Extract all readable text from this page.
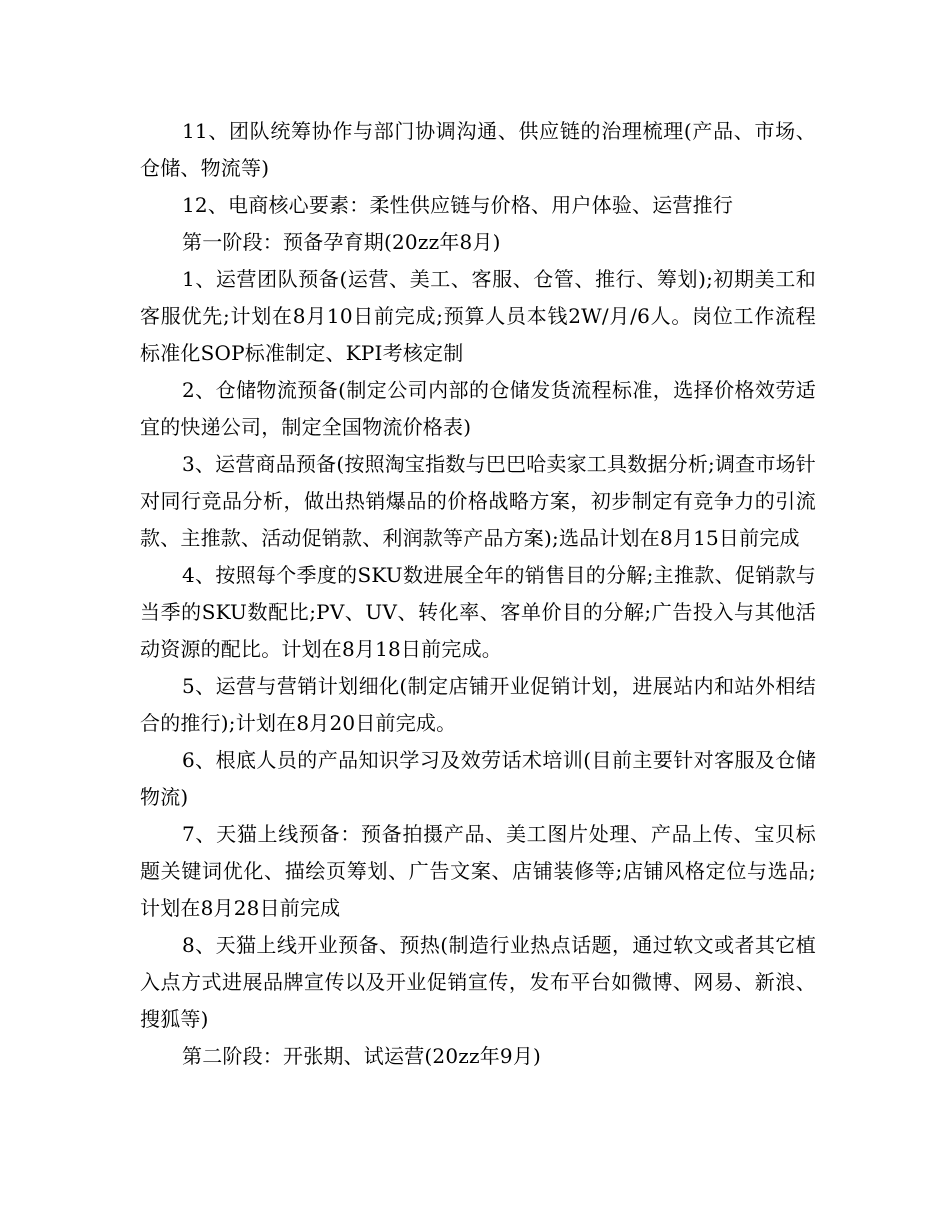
11、团队统筹协作与部门协调沟通、供应链的治理梳理(产品、市场、仓储、物流等)

12、电商核心要素：柔性供应链与价格、用户体验、运营推行

第一阶段：预备孕育期(20zz年8月)

1、运营团队预备(运营、美工、客服、仓管、推行、筹划);初期美工和客服优先;计划在8月10日前完成;预算人员本钱2W/月/6人。岗位工作流程标准化SOP标准制定、KPI考核定制

2、仓储物流预备(制定公司内部的仓储发货流程标准，选择价格效劳适宜的快递公司，制定全国物流价格表)

3、运营商品预备(按照淘宝指数与巴巴哈卖家工具数据分析;调查市场针对同行竞品分析，做出热销爆品的价格战略方案，初步制定有竞争力的引流款、主推款、活动促销款、利润款等产品方案);选品计划在8月15日前完成

4、按照每个季度的SKU数进展全年的销售目的分解;主推款、促销款与当季的SKU数配比;PV、UV、转化率、客单价目的分解;广告投入与其他活动资源的配比。计划在8月18日前完成。

5、运营与营销计划细化(制定店铺开业促销计划，进展站内和站外相结合的推行);计划在8月20日前完成。

6、根底人员的产品知识学习及效劳话术培训(目前主要针对客服及仓储物流)

7、天猫上线预备：预备拍摄产品、美工图片处理、产品上传、宝贝标题关键词优化、描绘页筹划、广告文案、店铺装修等;店铺风格定位与选品;计划在8月28日前完成

8、天猫上线开业预备、预热(制造行业热点话题，通过软文或者其它植入点方式进展品牌宣传以及开业促销宣传，发布平台如微博、网易、新浪、搜狐等)

第二阶段：开张期、试运营(20zz年9月)
